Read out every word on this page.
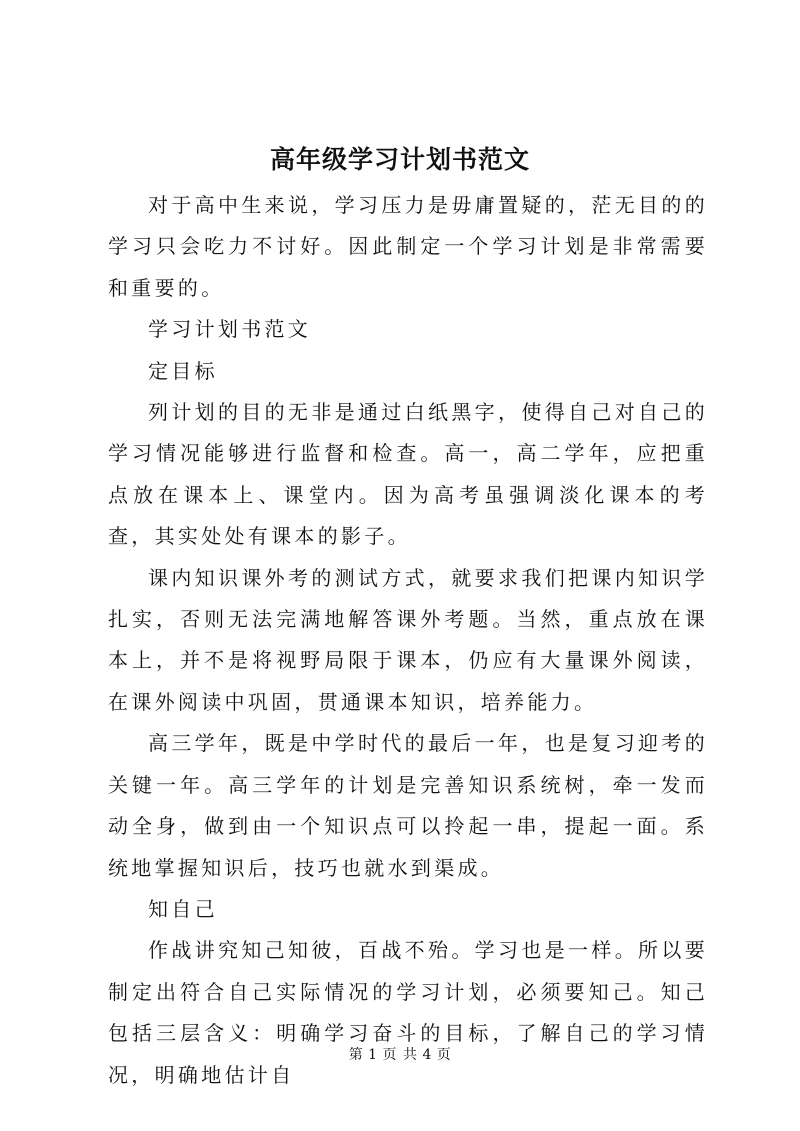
高年级学习计划书范文

对于高中生来说，学习压力是毋庸置疑的，茫无目的的学习只会吃力不讨好。因此制定一个学习计划是非常需要和重要的。

学习计划书范文

定目标

列计划的目的无非是通过白纸黑字，使得自己对自己的学习情况能够进行监督和检查。高一，高二学年，应把重点放在课本上、课堂内。因为高考虽强调淡化课本的考查，其实处处有课本的影子。

课内知识课外考的测试方式，就要求我们把课内知识学扎实，否则无法完满地解答课外考题。当然，重点放在课本上，并不是将视野局限于课本，仍应有大量课外阅读，在课外阅读中巩固，贯通课本知识，培养能力。

高三学年，既是中学时代的最后一年，也是复习迎考的关键一年。高三学年的计划是完善知识系统树，牵一发而动全身，做到由一个知识点可以拎起一串，提起一面。系统地掌握知识后，技巧也就水到渠成。

知自己

作战讲究知己知彼，百战不殆。学习也是一样。所以要制定出符合自己实际情况的学习计划，必须要知己。知己包括三层含义：明确学习奋斗的目标，了解自己的学习情况，明确地估计自

第 1 页 共 4 页
